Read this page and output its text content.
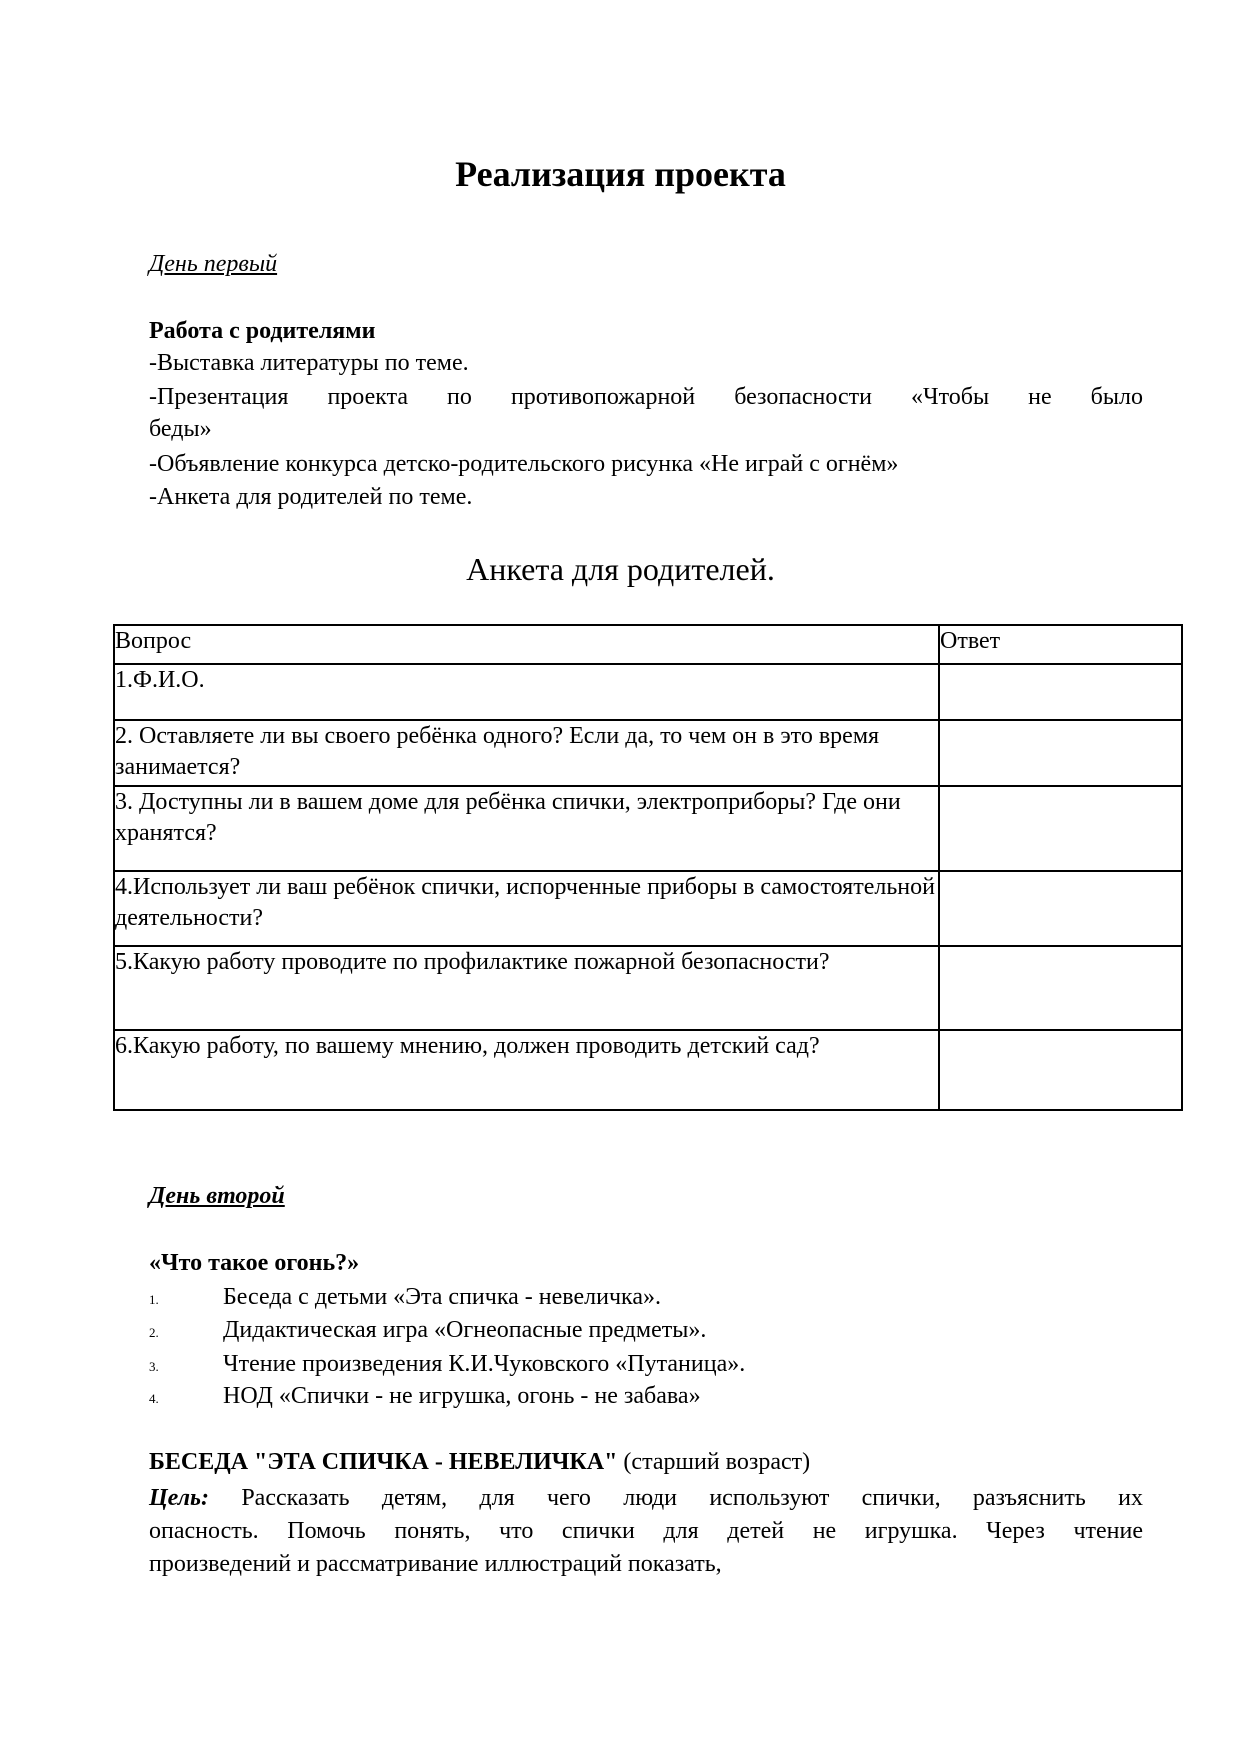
Реализация проекта
День первый
Работа с родителями
-Выставка литературы по теме.
-Презентация проекта по противопожарной безопасности «Чтобы не было
беды»
-Объявление конкурса детско-родительского рисунка «Не играй с огнём»
-Анкета для родителей по теме.
Анкета для родителей.
Вопрос	Ответ
1.Ф.И.О.	
2. Оставляете ли вы своего ребёнка одного? Если да, то чем он в это время занимается?	
3. Доступны ли в вашем доме для ребёнка спички, электроприборы? Где они хранятся?	
4.Использует ли ваш ребёнок спички, испорченные приборы в самостоятельной деятельности?	
5.Какую работу проводите по профилактике пожарной безопасности?	
6.Какую работу, по вашему мнению, должен проводить детский сад?	
День второй
«Что такое огонь?»
1.	Беседа с детьми «Эта спичка - невеличка».
2.	Дидактическая игра «Огнеопасные предметы».
3.	Чтение произведения К.И.Чуковского «Путаница».
4.	НОД «Спички - не игрушка, огонь - не забава»
БЕСЕДА "ЭТА СПИЧКА - НЕВЕЛИЧКА" (старший возраст)
Цель: Рассказать детям, для чего люди используют спички, разъяснить их
опасность. Помочь понять, что спички для детей не игрушка. Через чтение
произведений и рассматривание иллюстраций показать,
